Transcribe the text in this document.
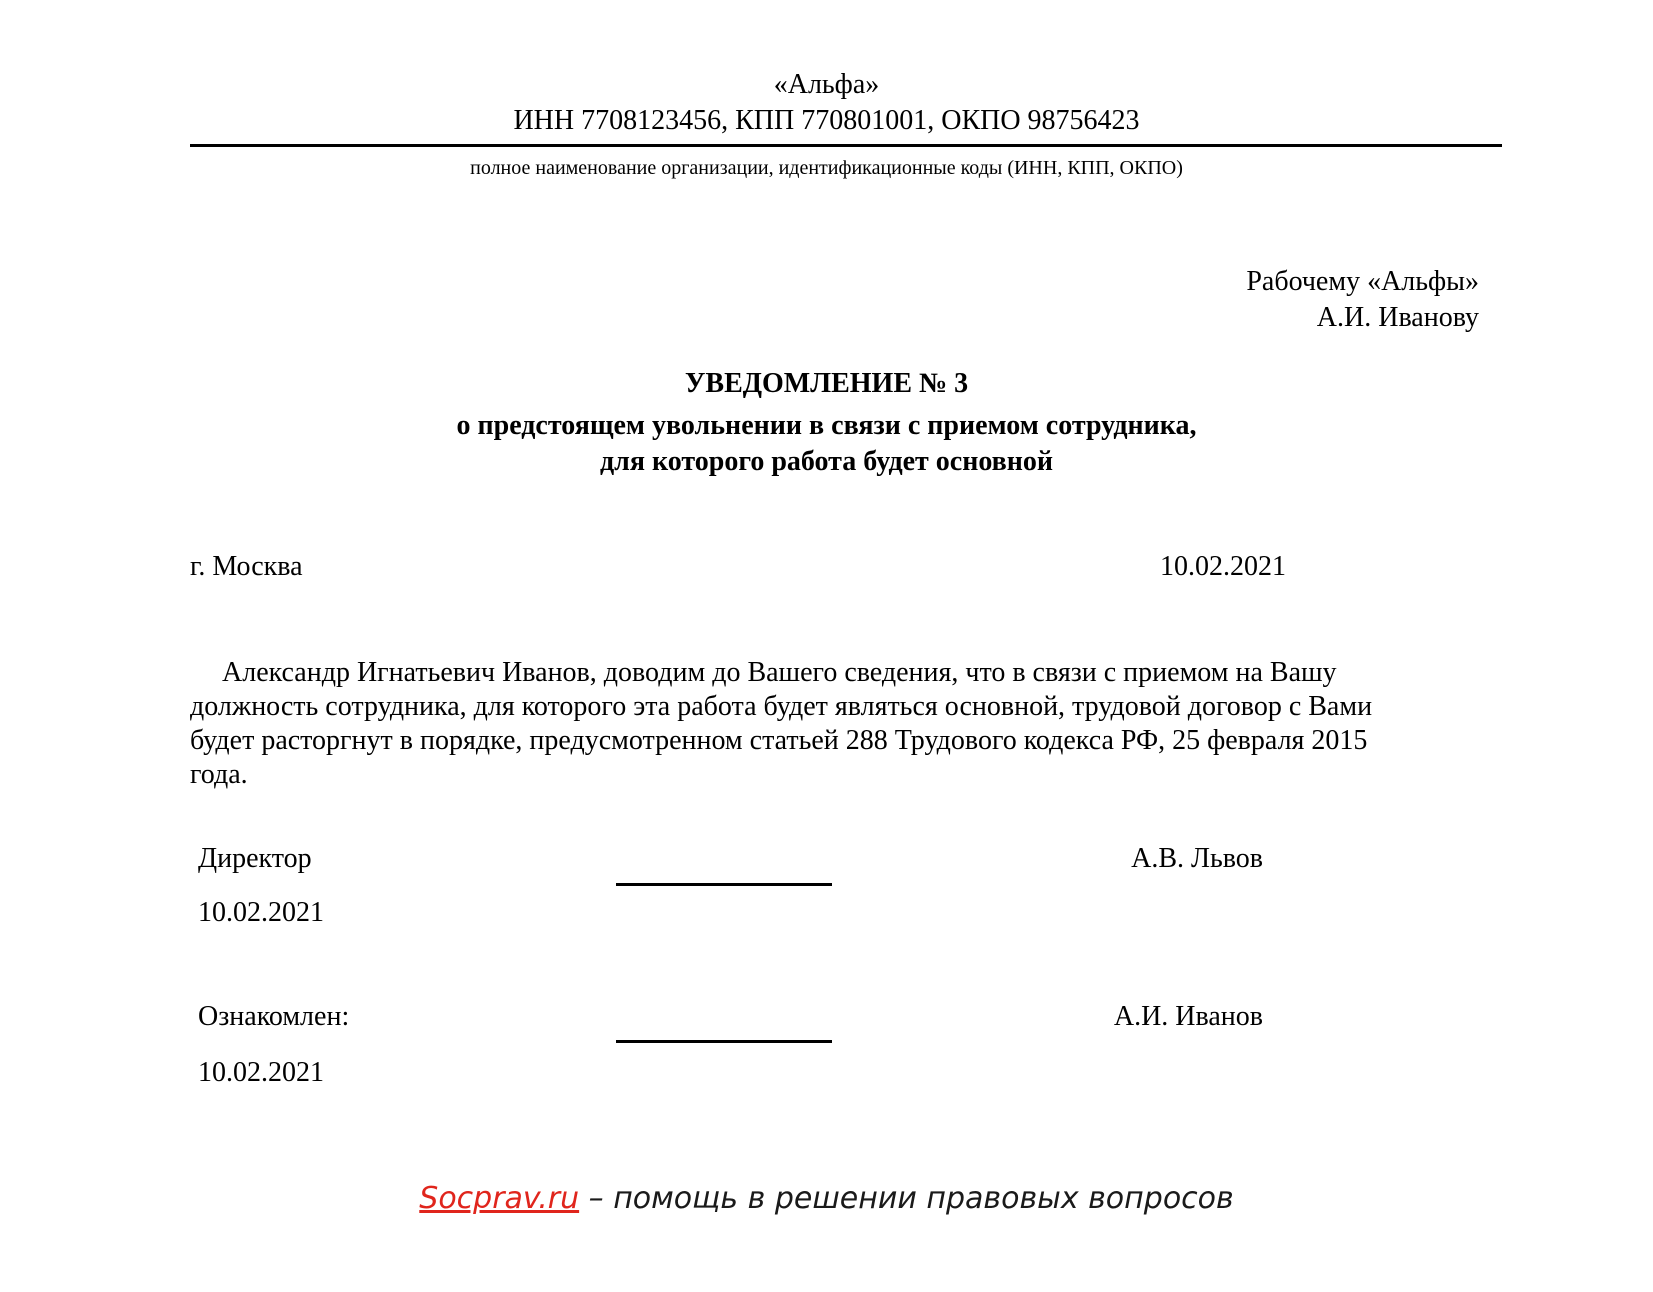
«Альфа»
ИНН 7708123456, КПП 770801001, ОКПО 98756423
полное наименование организации, идентификационные коды (ИНН, КПП, ОКПО)
Рабочему «Альфы»
А.И. Иванову
УВЕДОМЛЕНИЕ № 3
о предстоящем увольнении в связи с приемом сотрудника,
для которого работа будет основной
г. Москва	10.02.2021

Александр Игнатьевич Иванов, доводим до Вашего сведения, что в связи с приемом на Вашу должность сотрудника, для которого эта работа будет являться основной, трудовой договор с Вами будет расторгнут в порядке, предусмотренном статьей 288 Трудового кодекса РФ, 25 февраля 2015 года.

Директор	А.В. Львов
10.02.2021
Ознакомлен:	А.И. Иванов
10.02.2021
Socprav.ru – помощь в решении правовых вопросов
